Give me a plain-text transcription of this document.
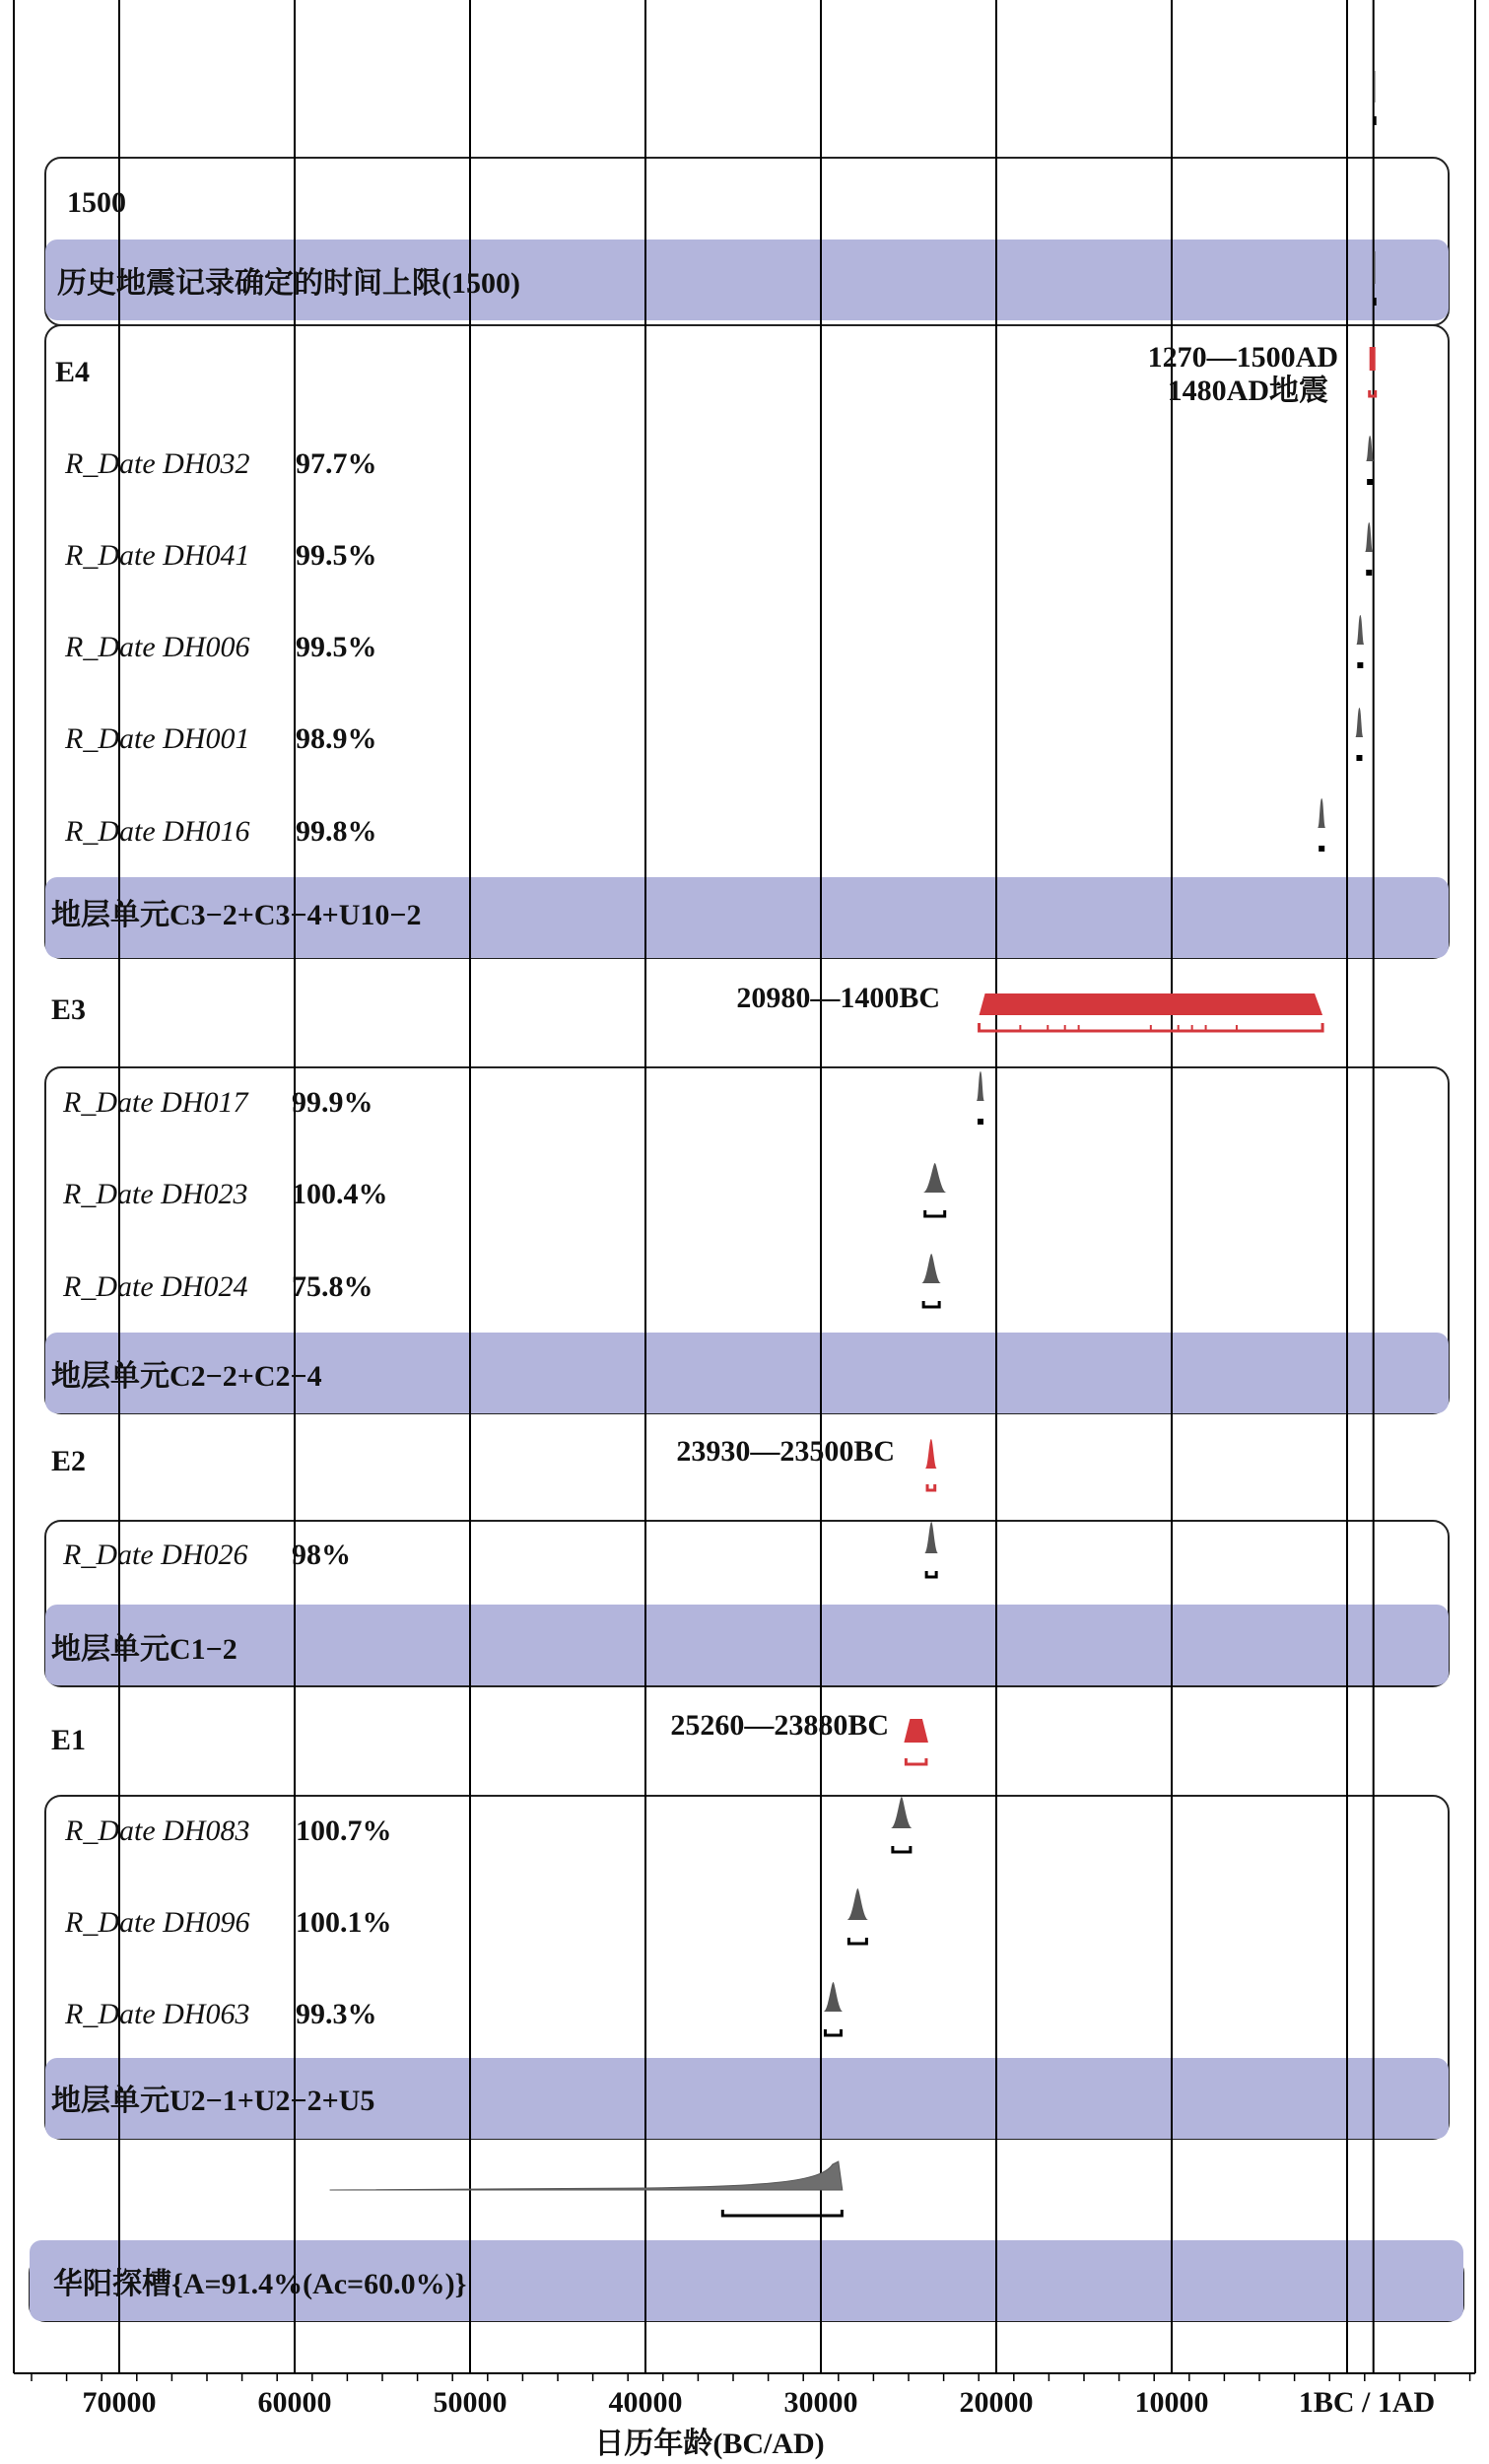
1500
历史地震记录确定的时间上限(1500)
地层单元C3−2+C3−4+U10−2
地层单元C2−2+C2−4
地层单元C1−2
地层单元U2−1+U2−2+U5
华阳探槽{A=91.4%(Ac=60.0%)}
E4	1270—1500AD
1480AD地震
E3	20980—1400BC
E2	23930—23500BC
E1	25260—23880BC
R_Date DH032 97.7%
R_Date DH041 99.5%
R_Date DH006 99.5%
R_Date DH001 98.9%
R_Date DH016 99.8%
R_Date DH017 99.9%
R_Date DH023 100.4%
R_Date DH024 75.8%
R_Date DH026 98%
R_Date DH083 100.7%
R_Date DH096 100.1%
R_Date DH063 99.3%
70000	60000	50000	40000	30000	20000	10000	1BC / 1AD
日历年龄(BC/AD)
